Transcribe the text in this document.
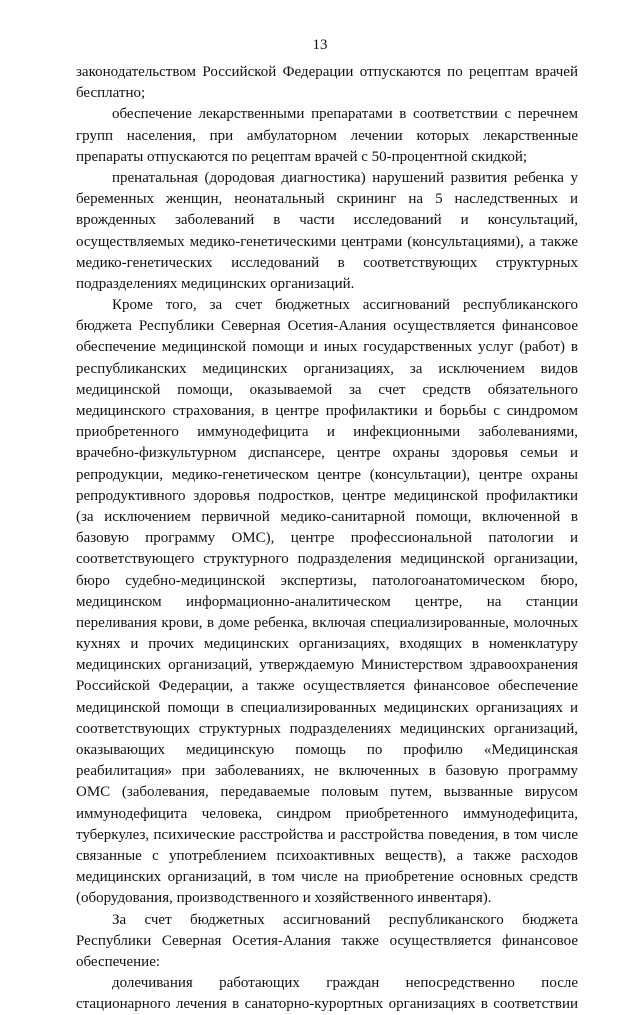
13
законодательством Российской Федерации отпускаются по рецептам врачей
бесплатно;
обеспечение лекарственными препаратами в соответствии с перечнем
групп населения, при амбулаторном лечении которых лекарственные
препараты отпускаются по рецептам врачей с 50-процентной скидкой;
пренатальная (дородовая диагностика) нарушений развития ребенка у
беременных женщин, неонатальный скрининг на 5 наследственных и
врожденных заболеваний в части исследований и консультаций,
осуществляемых медико-генетическими центрами (консультациями), а также
медико-генетических исследований в соответствующих структурных
подразделениях медицинских организаций.
Кроме того, за счет бюджетных ассигнований республиканского
бюджета Республики Северная Осетия-Алания осуществляется финансовое
обеспечение медицинской помощи и иных государственных услуг (работ) в
республиканских медицинских организациях, за исключением видов
медицинской помощи, оказываемой за счет средств обязательного
медицинского страхования, в центре профилактики и борьбы с синдромом
приобретенного иммунодефицита и инфекционными заболеваниями,
врачебно-физкультурном диспансере, центре охраны здоровья семьи и
репродукции, медико-генетическом центре (консультации), центре охраны
репродуктивного здоровья подростков, центре медицинской профилактики
(за исключением первичной медико-санитарной помощи, включенной в
базовую программу ОМС), центре профессиональной патологии и
соответствующего структурного подразделения медицинской организации,
бюро судебно-медицинской экспертизы, патологоанатомическом бюро,
медицинском информационно-аналитическом центре, на станции
переливания крови, в доме ребенка, включая специализированные, молочных
кухнях и прочих медицинских организациях, входящих в номенклатуру
медицинских организаций, утверждаемую Министерством здравоохранения
Российской Федерации, а также осуществляется финансовое обеспечение
медицинской помощи в специализированных медицинских организациях и
соответствующих структурных подразделениях медицинских организаций,
оказывающих медицинскую помощь по профилю «Медицинская
реабилитация» при заболеваниях, не включенных в базовую программу
ОМС (заболевания, передаваемые половым путем, вызванные вирусом
иммунодефицита человека, синдром приобретенного иммунодефицита,
туберкулез, психические расстройства и расстройства поведения, в том числе
связанные с употреблением психоактивных веществ), а также расходов
медицинских организаций, в том числе на приобретение основных средств
(оборудования, производственного и хозяйственного инвентаря).
За счет бюджетных ассигнований республиканского бюджета
Республики Северная Осетия-Алания также осуществляется финансовое
обеспечение:
долечивания работающих граждан непосредственно после
стационарного лечения в санаторно-курортных организациях в соответствии
